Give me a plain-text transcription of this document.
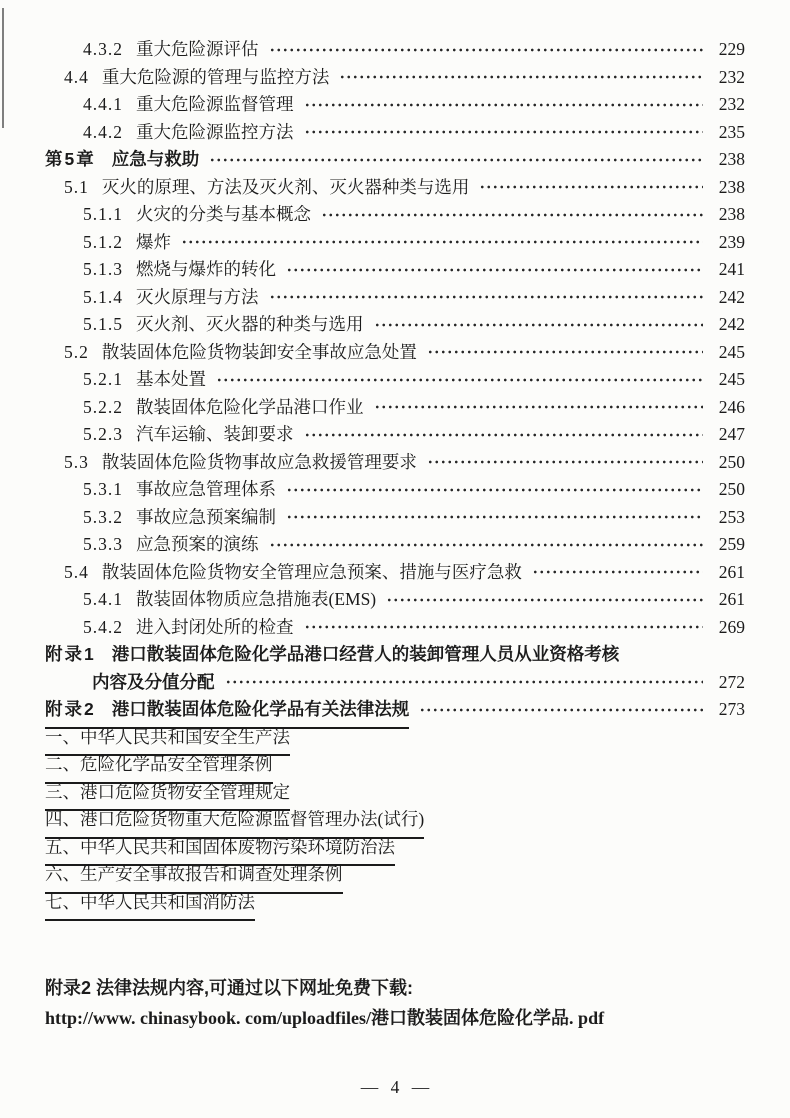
4.3.2 重大危险源评估	229
4.4 重大危险源的管理与监控方法	232
4.4.1 重大危险源监督管理	232
4.4.2 重大危险源监控方法	235
第5章 应急与救助	238
5.1 灭火的原理、方法及灭火剂、灭火器种类与选用	238
5.1.1 火灾的分类与基本概念	238
5.1.2 爆炸	239
5.1.3 燃烧与爆炸的转化	241
5.1.4 灭火原理与方法	242
5.1.5 灭火剂、灭火器的种类与选用	242
5.2 散装固体危险货物装卸安全事故应急处置	245
5.2.1 基本处置	245
5.2.2 散装固体危险化学品港口作业	246
5.2.3 汽车运输、装卸要求	247
5.3 散装固体危险货物事故应急救援管理要求	250
5.3.1 事故应急管理体系	250
5.3.2 事故应急预案编制	253
5.3.3 应急预案的演练	259
5.4 散装固体危险货物安全管理应急预案、措施与医疗急救	261
5.4.1 散装固体物质应急措施表(EMS)	261
5.4.2 进入封闭处所的检查	269
附录1 港口散装固体危险化学品港口经营人的装卸管理人员从业资格考核
内容及分值分配	272
附录2 港口散装固体危险化学品有关法律法规	273
一、中华人民共和国安全生产法
二、危险化学品安全管理条例
三、港口危险货物安全管理规定
四、港口危险货物重大危险源监督管理办法(试行)
五、中华人民共和国固体废物污染环境防治法
六、生产安全事故报告和调查处理条例
七、中华人民共和国消防法
附录2 法律法规内容,可通过以下网址免费下载:
http://www. chinasybook. com/uploadfiles/港口散装固体危险化学品. pdf
— 4 —
